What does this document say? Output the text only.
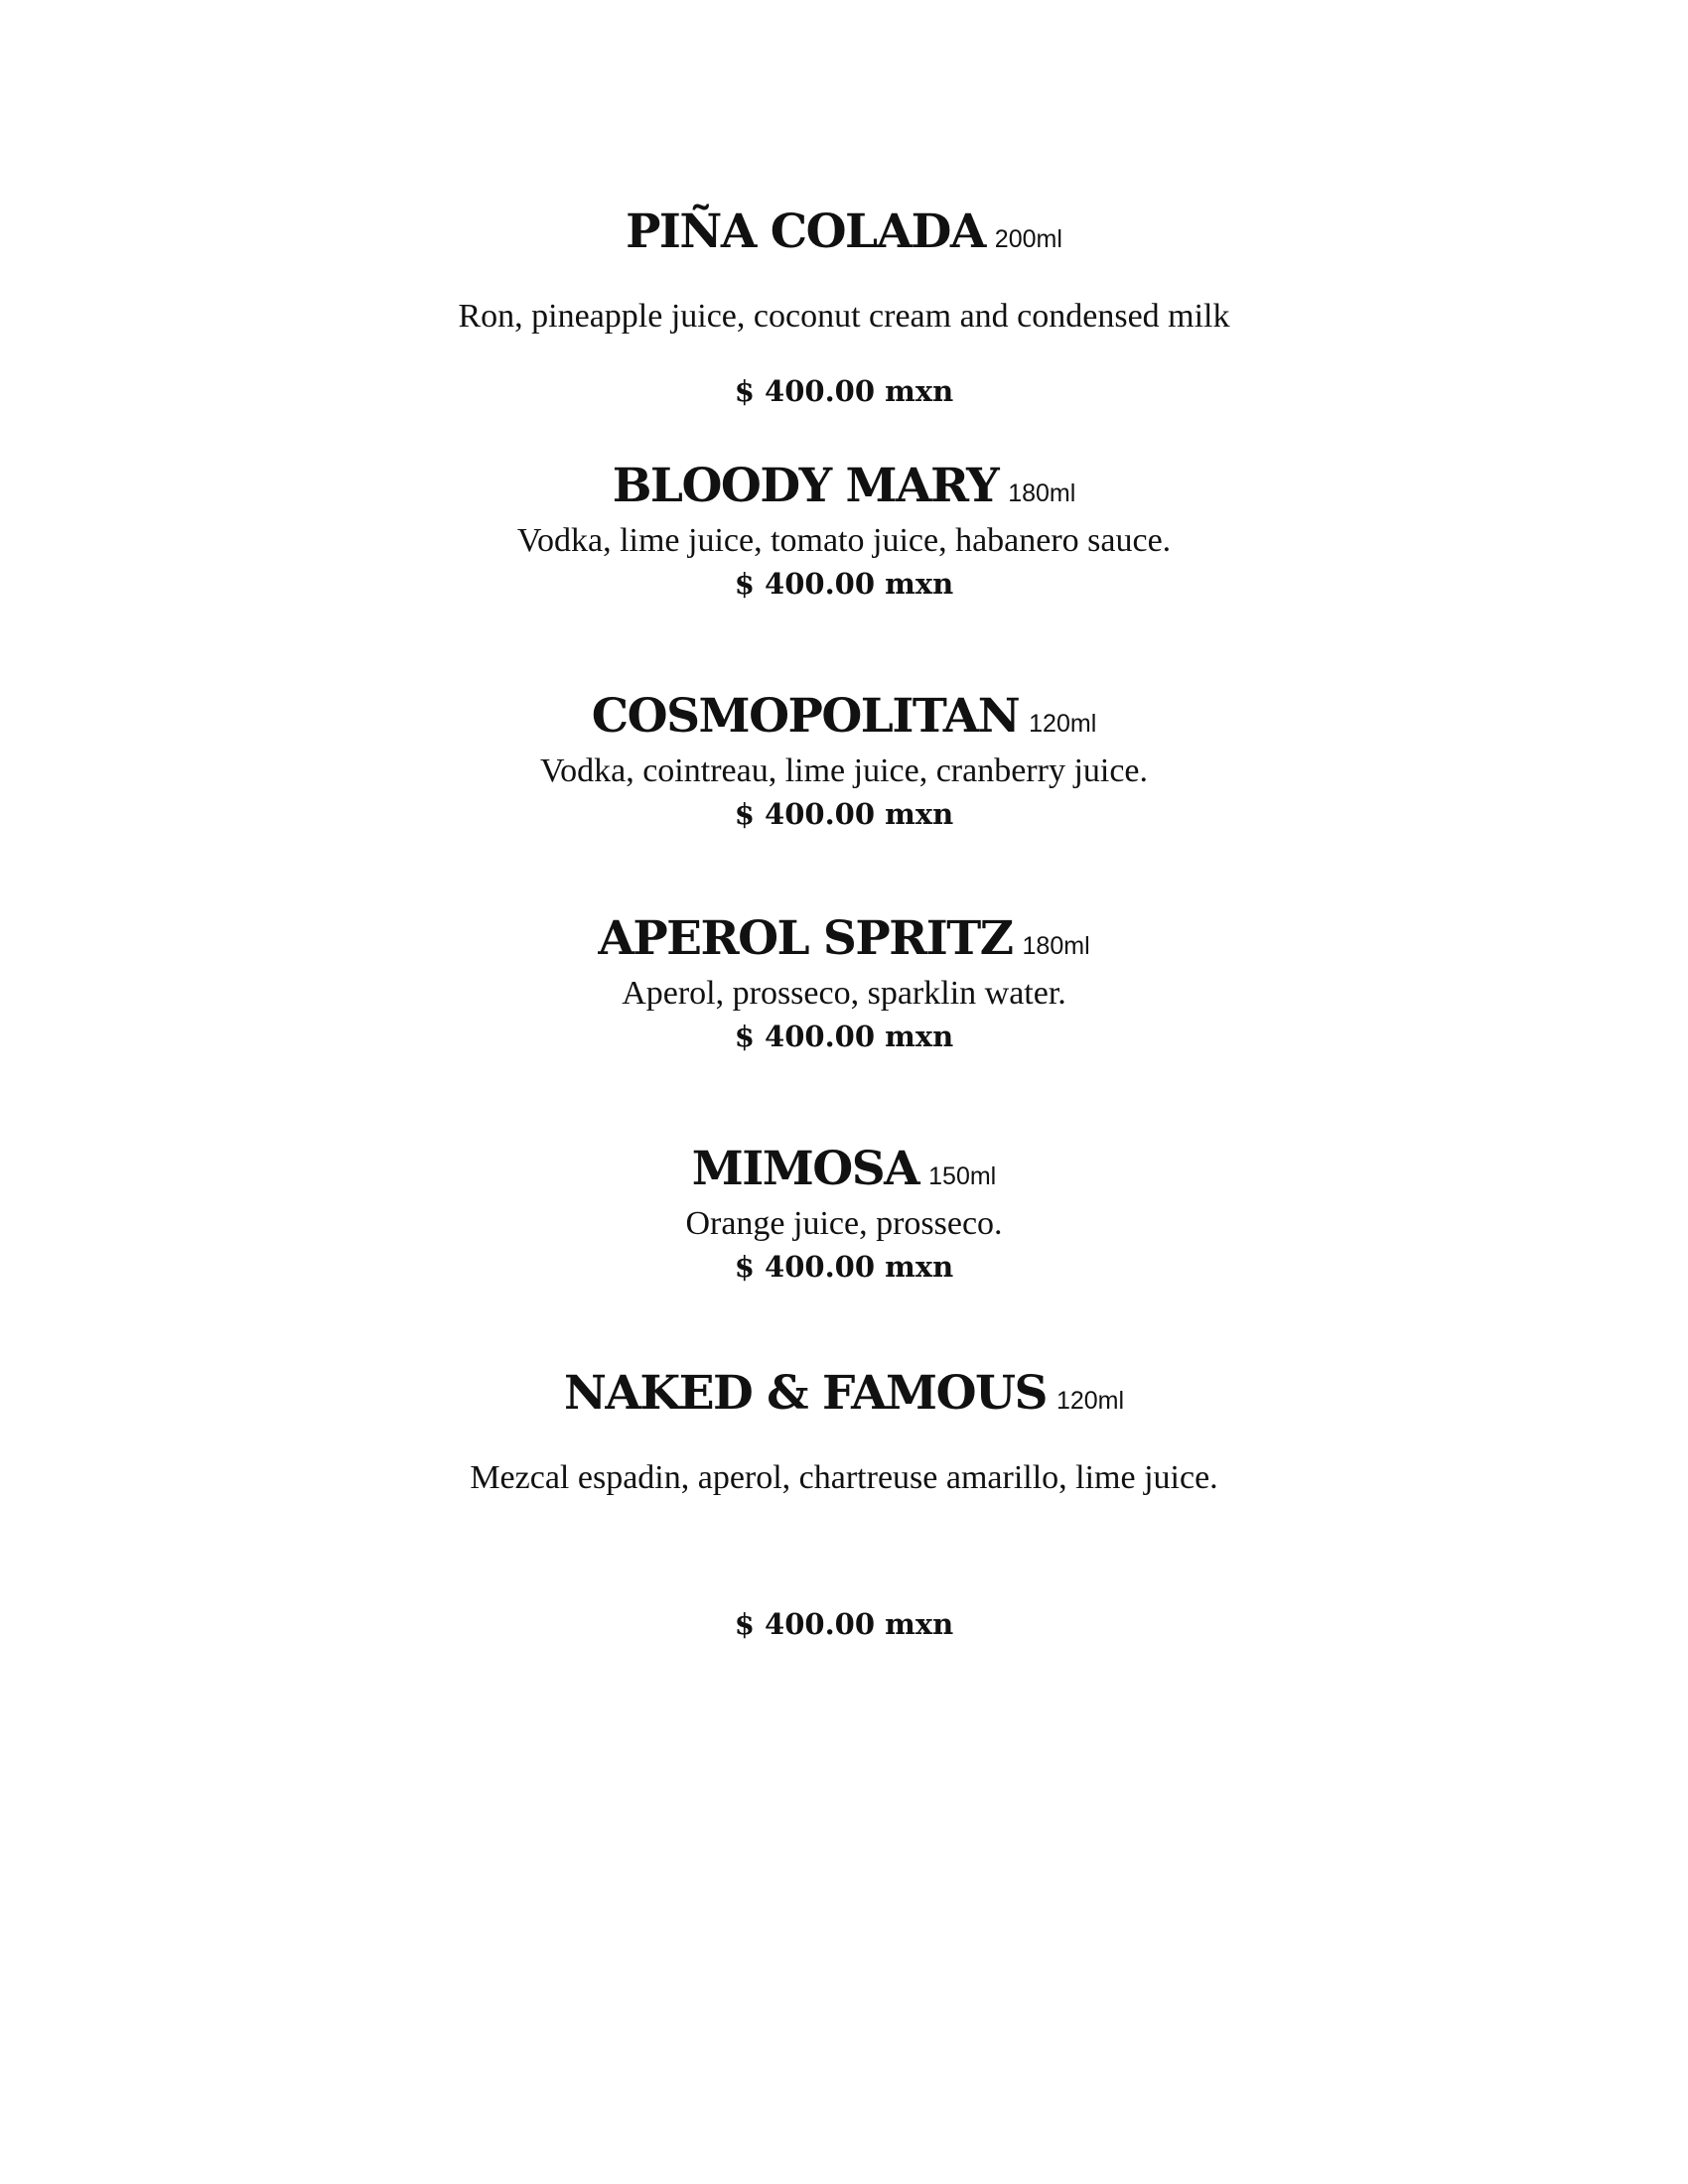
PIÑA COLADA 200ml
Ron, pineapple juice, coconut cream and condensed milk
$ 400.00 mxn
BLOODY MARY 180ml
Vodka, lime juice, tomato juice, habanero sauce.
$ 400.00 mxn
COSMOPOLITAN 120ml
Vodka, cointreau, lime juice, cranberry juice.
$ 400.00 mxn
APEROL SPRITZ 180ml
Aperol, prosseco, sparklin water.
$ 400.00 mxn
MIMOSA 150ml
Orange juice, prosseco.
$ 400.00 mxn
NAKED & FAMOUS 120ml
Mezcal espadin, aperol, chartreuse amarillo, lime juice.
$ 400.00 mxn
